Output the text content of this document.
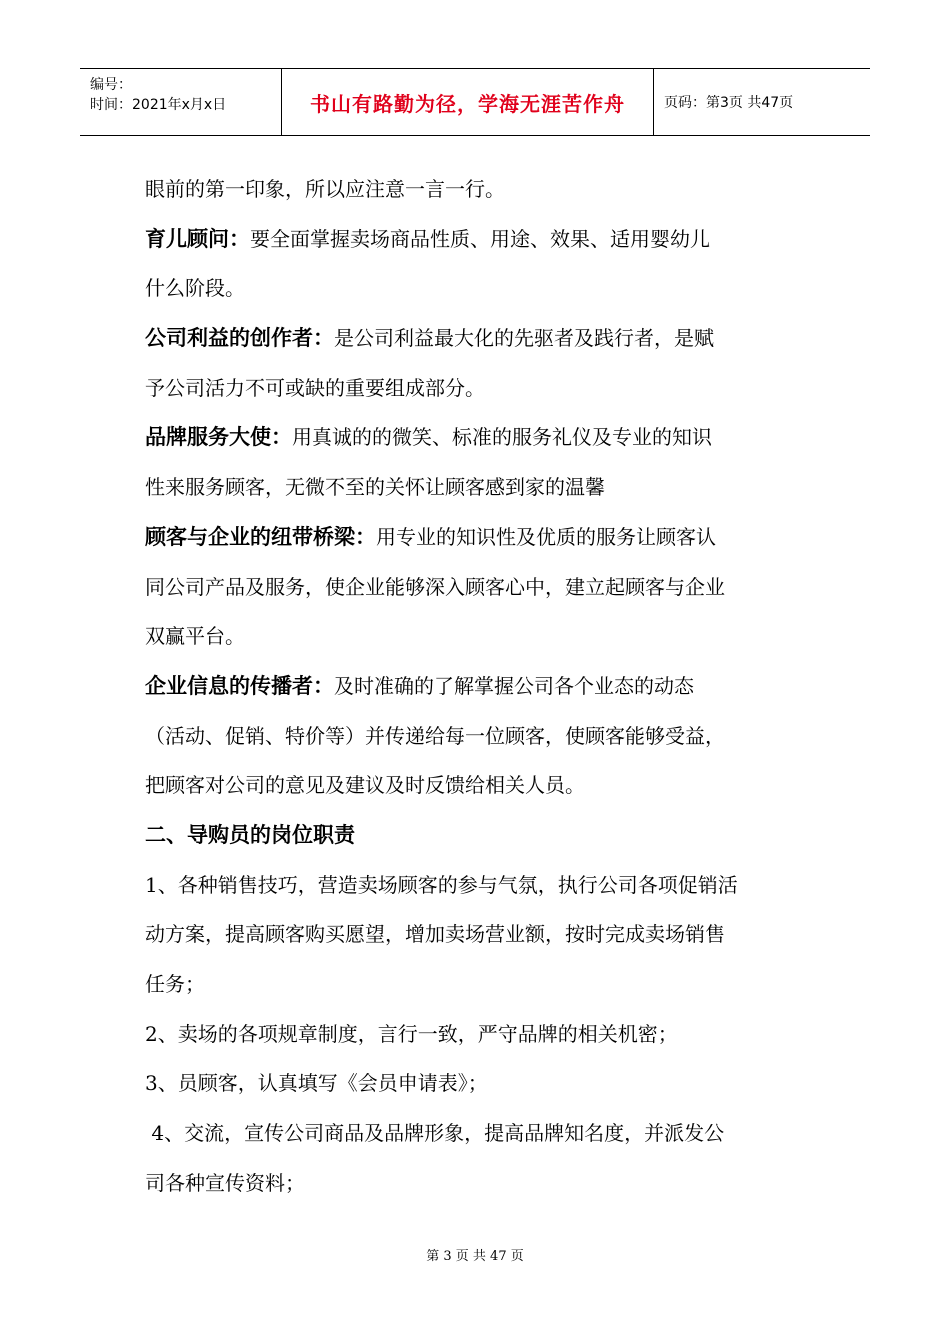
编号：
时间：2021年x月x日	书山有路勤为径，学海无涯苦作舟	页码：第3页 共47页
眼前的第一印象，所以应注意一言一行。
育儿顾问：要全面掌握卖场商品性质、用途、效果、适用婴幼儿
什么阶段。
公司利益的创作者：是公司利益最大化的先驱者及践行者，是赋
予公司活力不可或缺的重要组成部分。
品牌服务大使：用真诚的的微笑、标准的服务礼仪及专业的知识
性来服务顾客，无微不至的关怀让顾客感到家的温馨
顾客与企业的纽带桥梁：用专业的知识性及优质的服务让顾客认
同公司产品及服务，使企业能够深入顾客心中，建立起顾客与企业
双赢平台。
企业信息的传播者：及时准确的了解掌握公司各个业态的动态
（活动、促销、特价等）并传递给每一位顾客，使顾客能够受益，
把顾客对公司的意见及建议及时反馈给相关人员。
二、导购员的岗位职责
1、各种销售技巧，营造卖场顾客的参与气氛，执行公司各项促销活
动方案，提高顾客购买愿望，增加卖场营业额，按时完成卖场销售
任务；
2、卖场的各项规章制度，言行一致，严守品牌的相关机密；
3、员顾客，认真填写《会员申请表》；
4、交流，宣传公司商品及品牌形象，提高品牌知名度，并派发公
司各种宣传资料；
第 3 页 共 47 页
